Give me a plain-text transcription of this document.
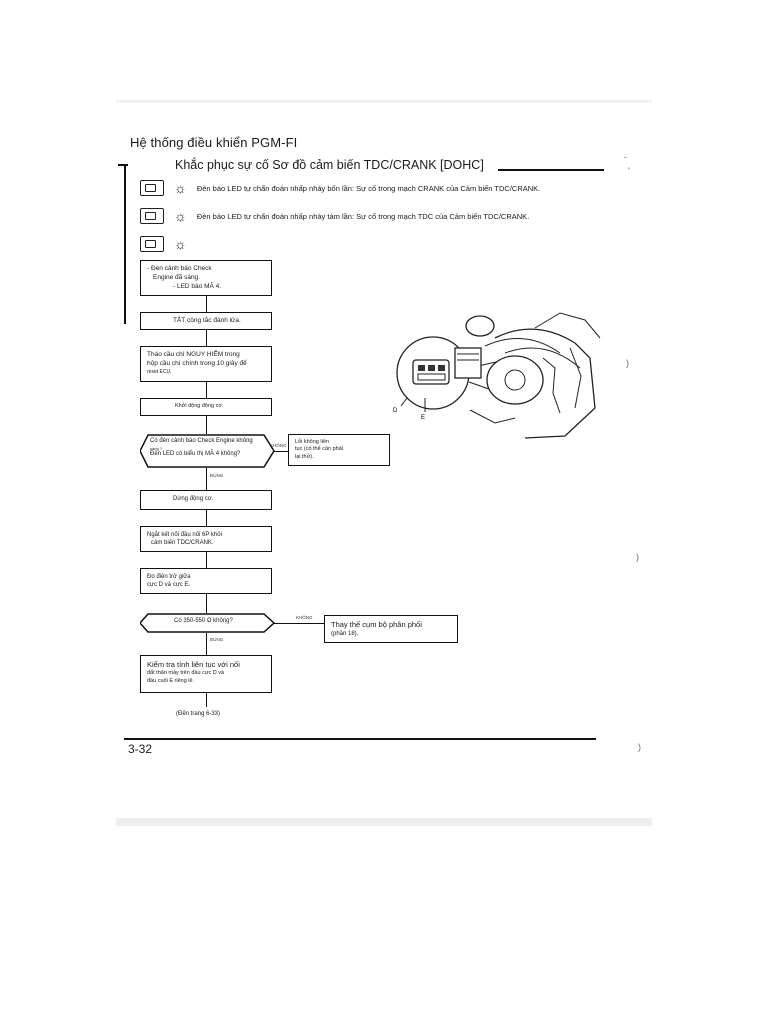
Hệ thống điều khiển PGM-FI
Khắc phục sự cố Sơ đồ cảm biến TDC/CRANK [DOHC]
☼ Đèn báo LED tự chẩn đoán nhấp nháy bốn lần: Sự cố trong mạch CRANK của Cảm biến TDC/CRANK.
☼ Đèn báo LED tự chẩn đoán nhấp nháy tám lần: Sự cố trong mạch TDC của Cảm biến TDC/CRANK.
☼
- Đèn cảnh báo Check
Engine đã sáng.
- LED báo MÃ 4.
TẮT công tắc đánh lửa.
Tháo cầu chì NGUY HIỂM trong
hộp cầu chì chính trong 10 giây để
reset ECU.
Khởi động động cơ.
Có đèn cảnh báo Check Engine không
sáng ?
Đèn LED có biểu thị MÃ 4 không?
KHÔNG
Lỗi không liên
tục (có thể cần phải
lại thử).
ĐÚNG
Dừng động cơ.
Ngắt kết nối đầu nối 6P khỏi
cảm biến TDC/CRANK.
Đo điện trở giữa
cực D và cực E.
Có 350-550 Ω không?
KHÔNG
Thay thế cụm bộ phân phối
(phần 18).
ĐÚNG
Kiểm tra tính liên tục với nối
đất thân máy trên đầu cực D và
đầu cuối E riêng lẻ.
(Đến trang 6-33)
D
E
3-32
-
'
)
)
)
